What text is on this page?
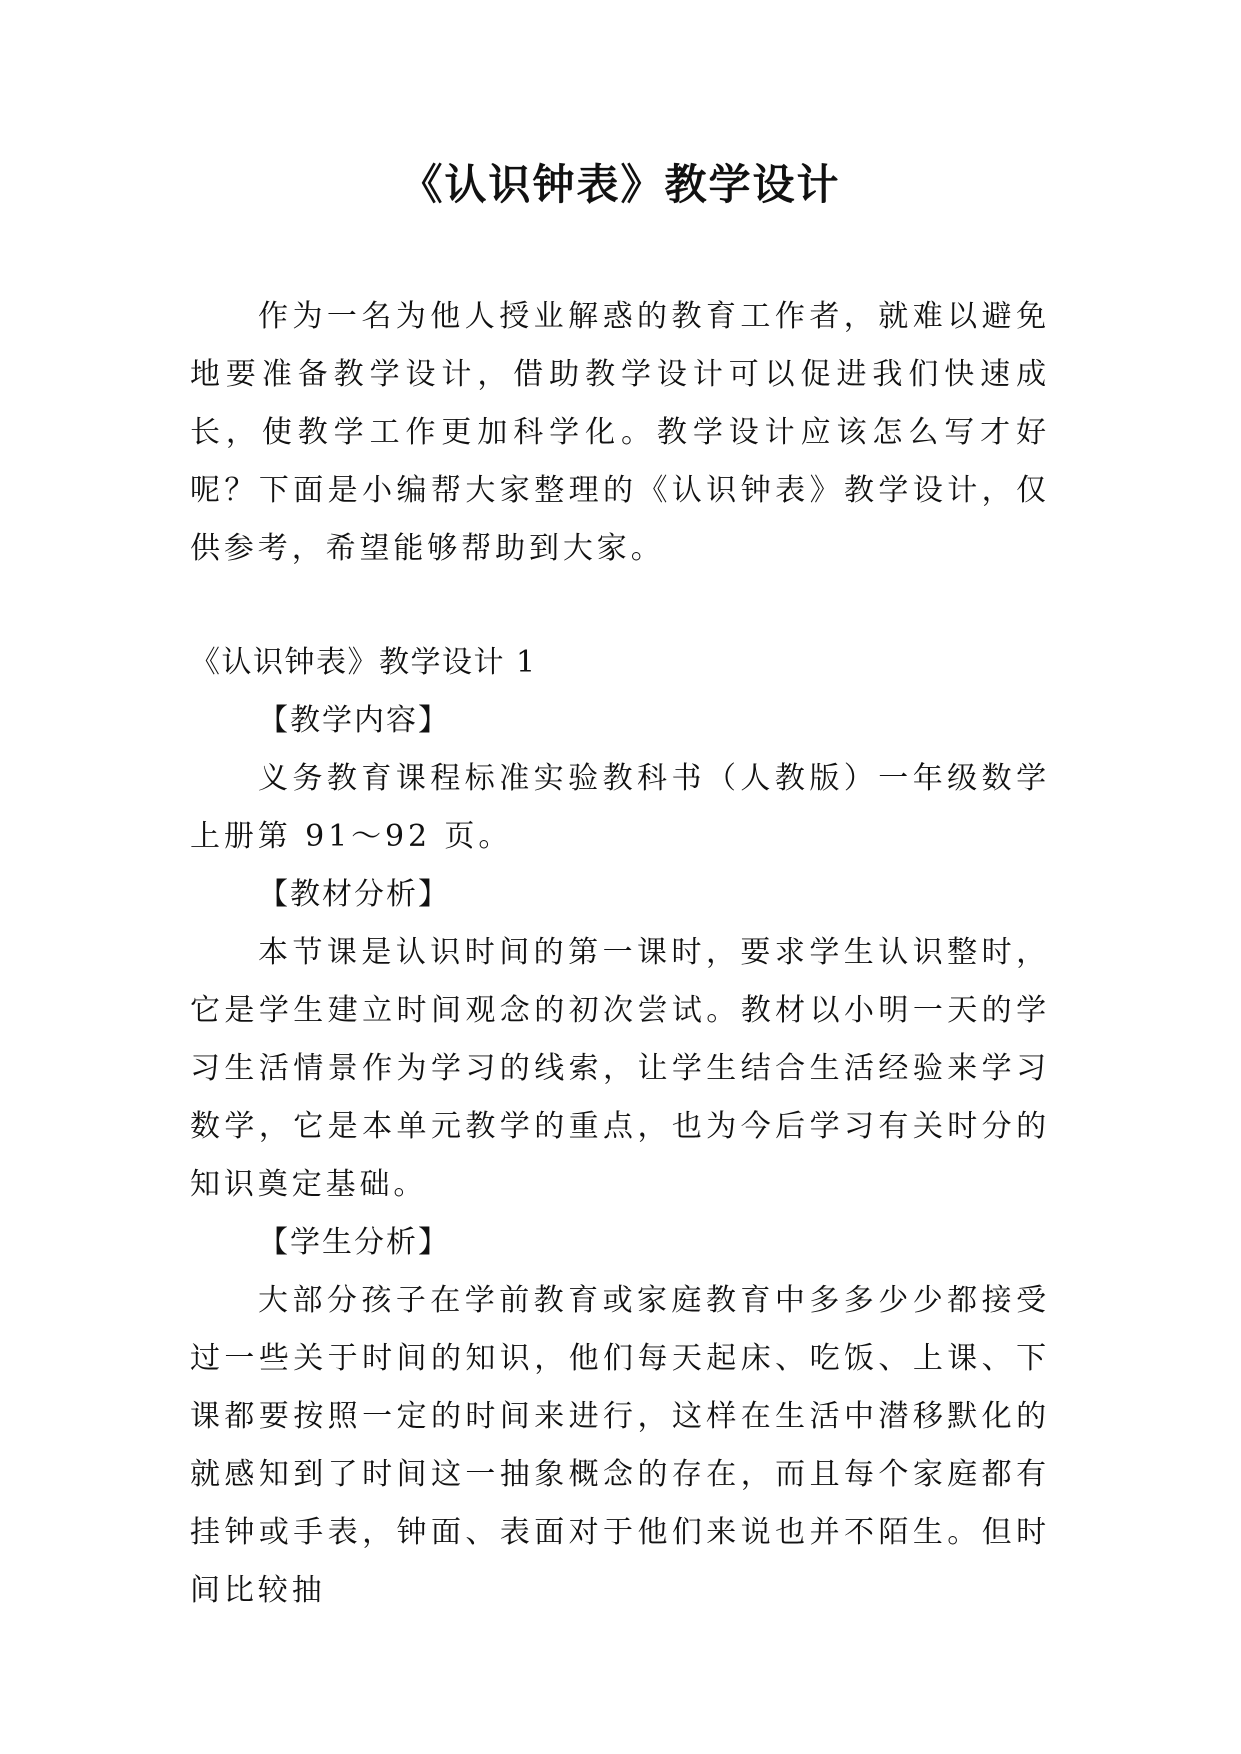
《认识钟表》教学设计

作为一名为他人授业解惑的教育工作者，就难以避免地要准备教学设计，借助教学设计可以促进我们快速成长，使教学工作更加科学化。教学设计应该怎么写才好呢？下面是小编帮大家整理的《认识钟表》教学设计，仅供参考，希望能够帮助到大家。

《认识钟表》教学设计 1

【教学内容】

义务教育课程标准实验教科书（人教版）一年级数学上册第 91～92 页。

【教材分析】

本节课是认识时间的第一课时，要求学生认识整时，它是学生建立时间观念的初次尝试。教材以小明一天的学习生活情景作为学习的线索，让学生结合生活经验来学习数学，它是本单元教学的重点，也为今后学习有关时分的知识奠定基础。

【学生分析】

大部分孩子在学前教育或家庭教育中多多少少都接受过一些关于时间的知识，他们每天起床、吃饭、上课、下课都要按照一定的时间来进行，这样在生活中潜移默化的就感知到了时间这一抽象概念的存在，而且每个家庭都有挂钟或手表，钟面、表面对于他们来说也并不陌生。但时间比较抽
